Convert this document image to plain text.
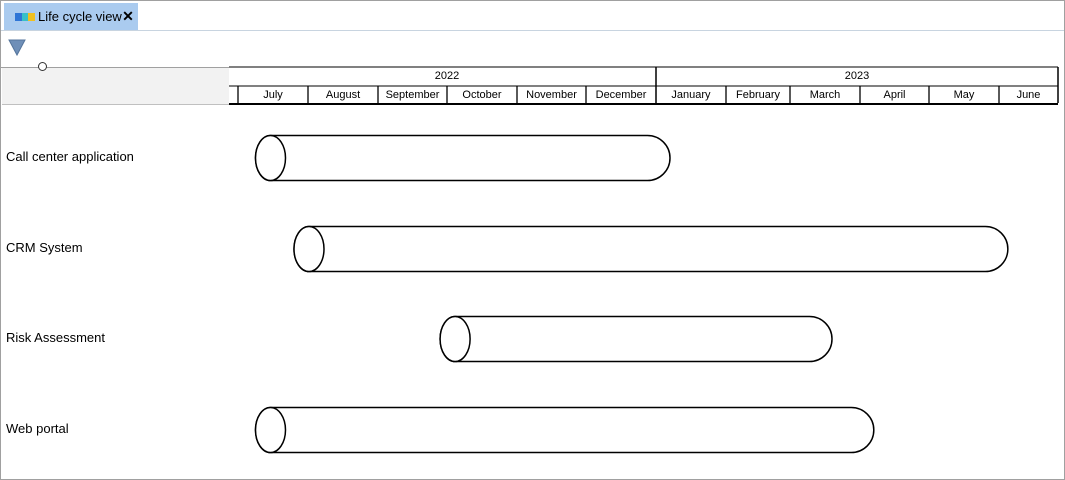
Life cycle view ✕
2022	2023
July	August	September	October	November	December	January	February	March	April	May	June
Call center application
CRM System
Risk Assessment
Web portal
